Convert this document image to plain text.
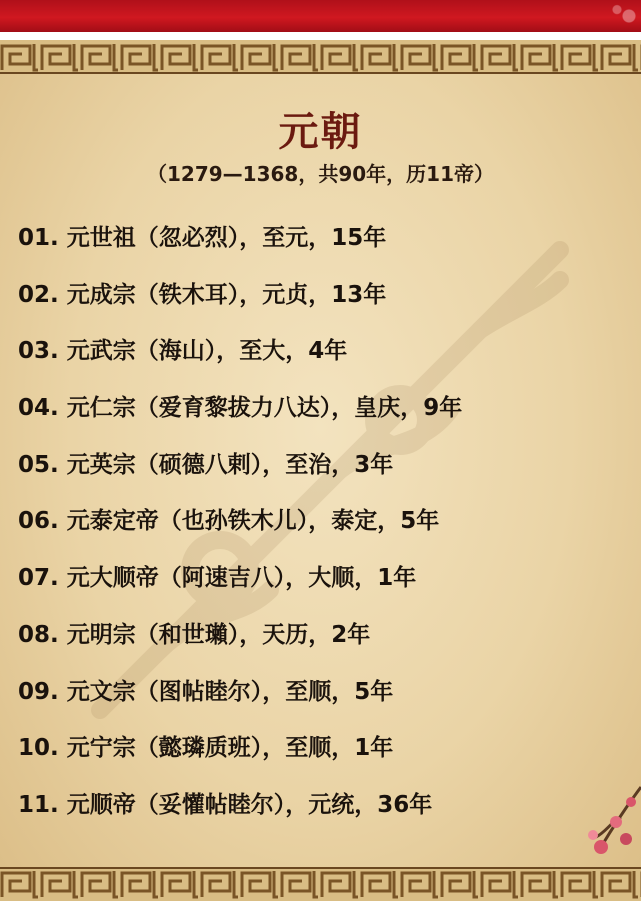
元朝
（1279—1368，共90年，历11帝）
01. 元世祖（忽必烈），至元，15年
02. 元成宗（铁木耳），元贞，13年
03. 元武宗（海山），至大，4年
04. 元仁宗（爱育黎拔力八达），皇庆，9年
05. 元英宗（硕德八剌），至治，3年
06. 元泰定帝（也孙铁木儿），泰定，5年
07. 元大顺帝（阿速吉八），大顺，1年
08. 元明宗（和世瓎），天历，2年
09. 元文宗（图帖睦尔），至顺，5年
10. 元宁宗（懿璘质班），至顺，1年
11. 元顺帝（妥懽帖睦尔），元统，36年
